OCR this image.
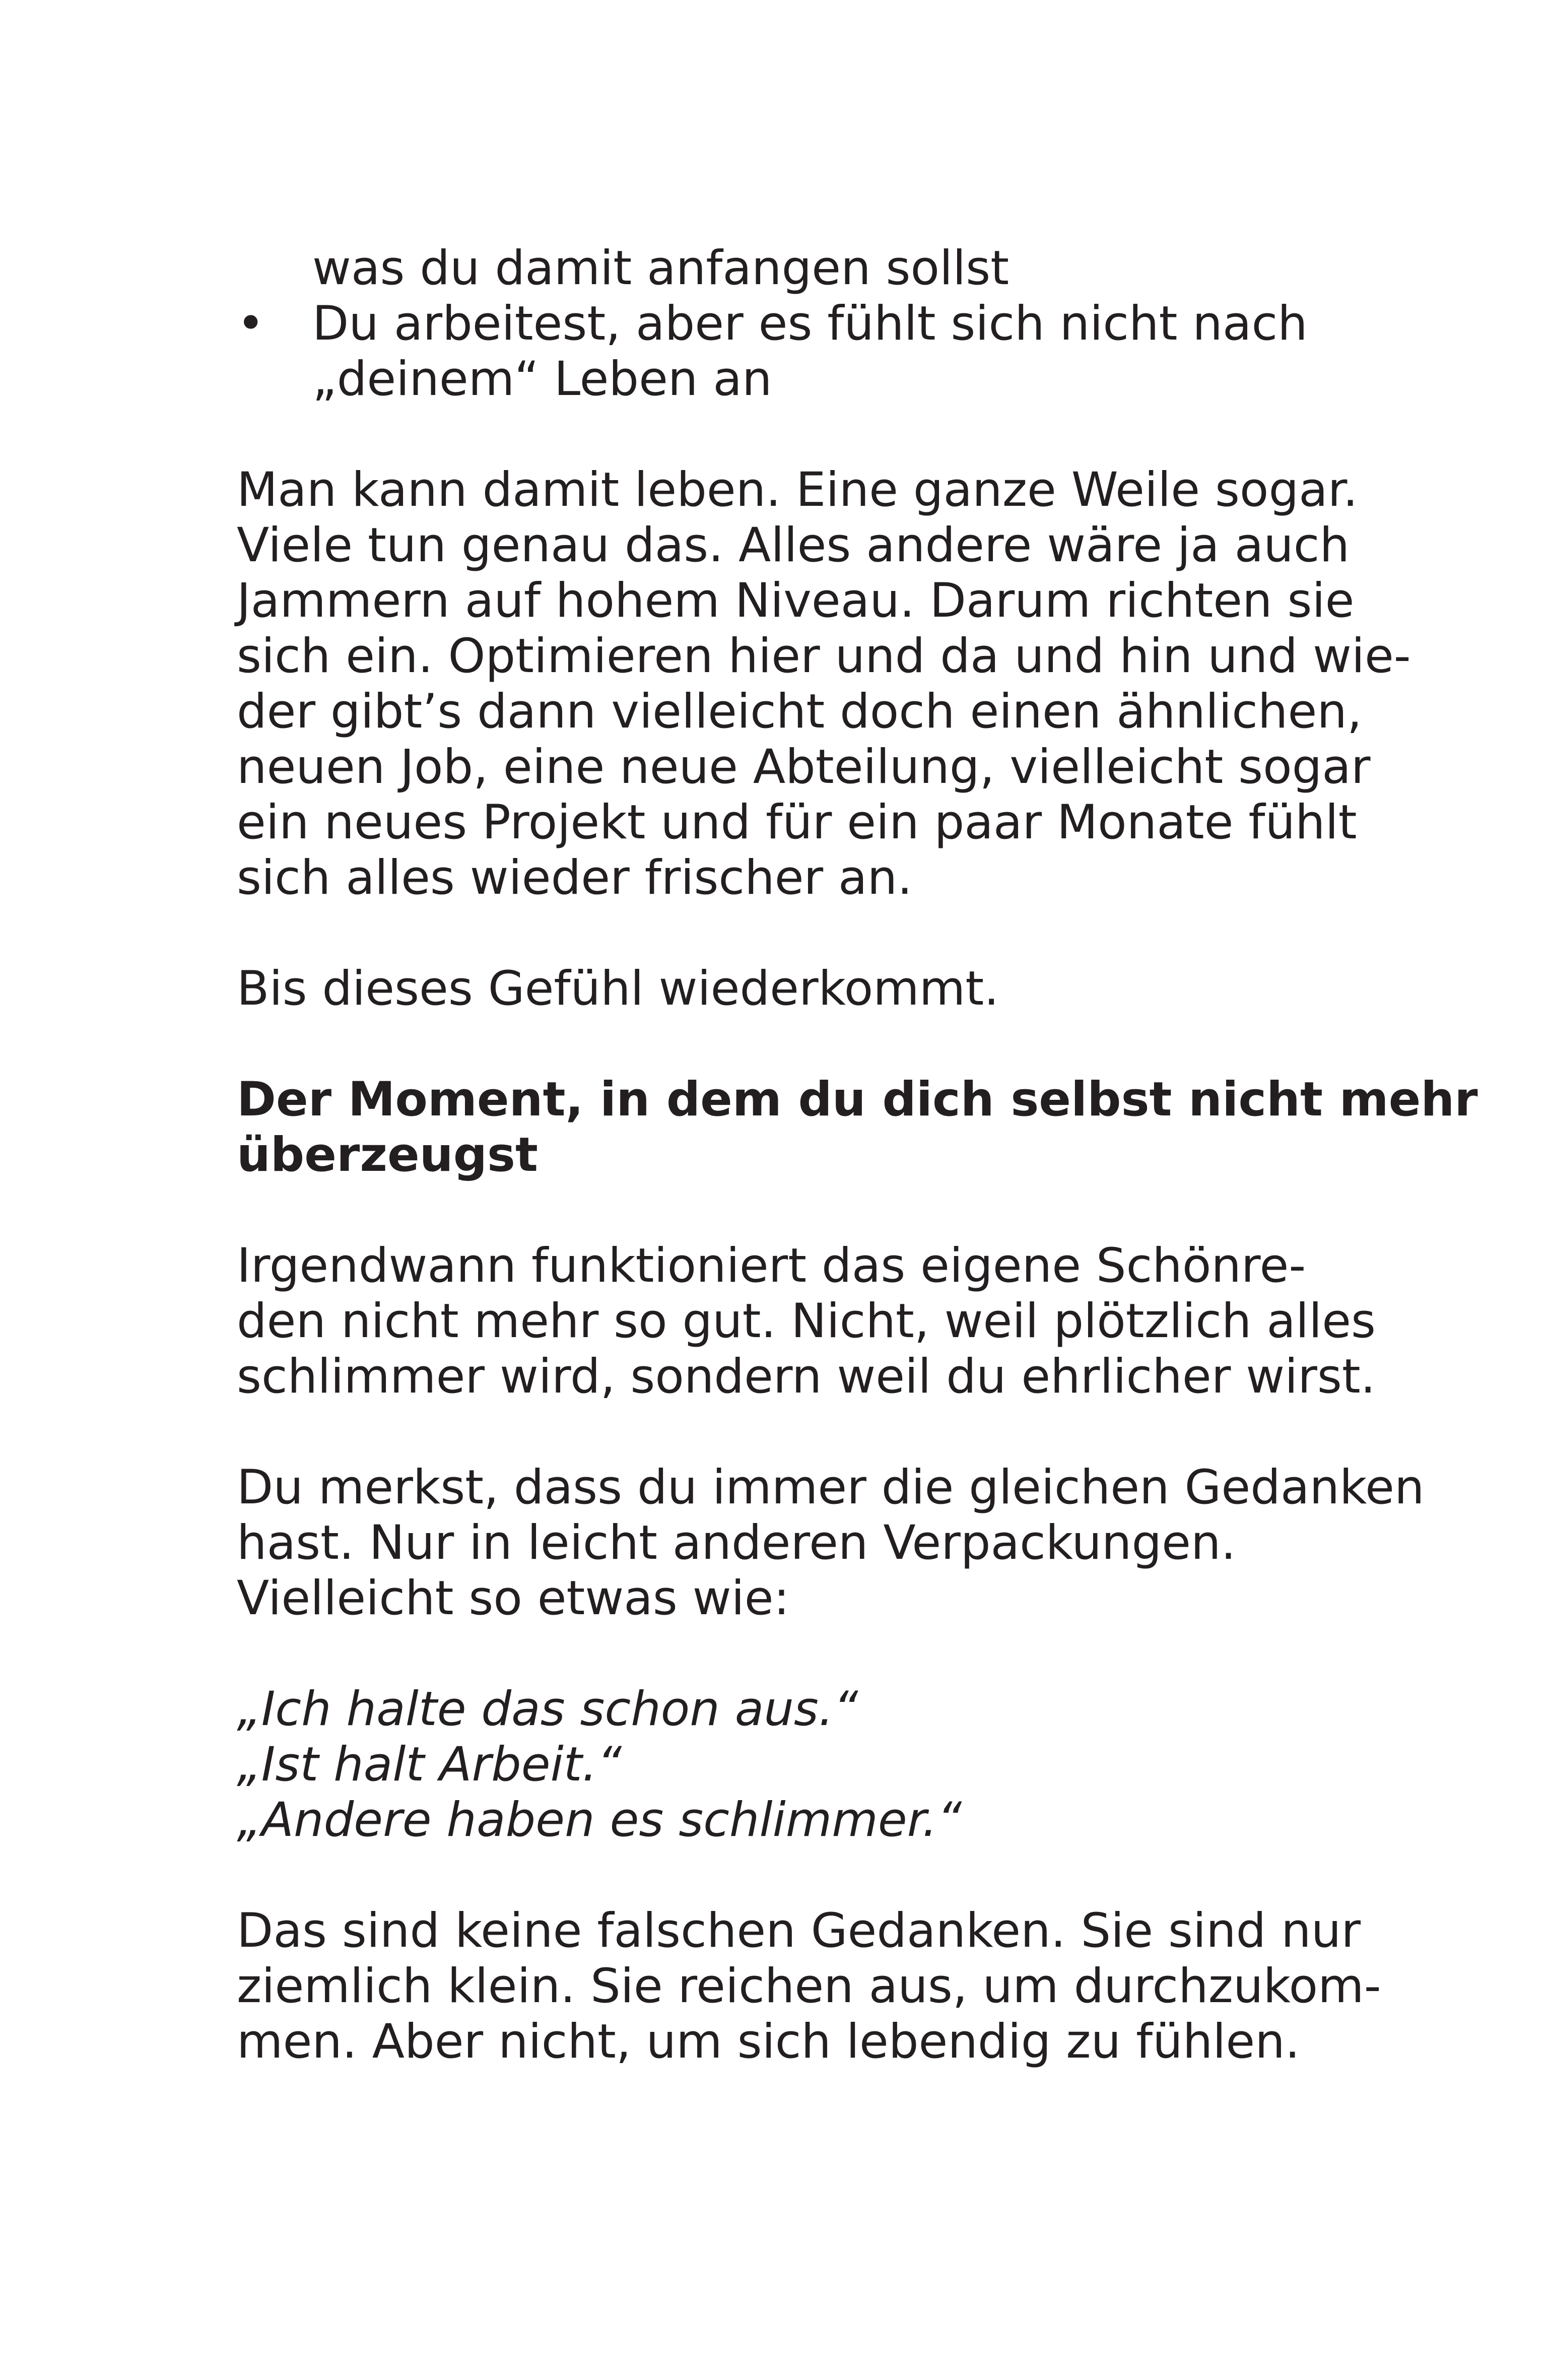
was du damit anfangen sollst
• Du arbeitest, aber es fühlt sich nicht nach
„deinem“ Leben an
Man kann damit leben. Eine ganze Weile sogar.
Viele tun genau das. Alles andere wäre ja auch
Jammern auf hohem Niveau. Darum richten sie
sich ein. Optimieren hier und da und hin und wie-
der gibt’s dann vielleicht doch einen ähnlichen,
neuen Job, eine neue Abteilung, vielleicht sogar
ein neues Projekt und für ein paar Monate fühlt
sich alles wieder frischer an.
Bis dieses Gefühl wiederkommt.
Der Moment, in dem du dich selbst nicht mehr
überzeugst
Irgendwann funktioniert das eigene Schönre-
den nicht mehr so gut. Nicht, weil plötzlich alles
schlimmer wird, sondern weil du ehrlicher wirst.
Du merkst, dass du immer die gleichen Gedanken
hast. Nur in leicht anderen Verpackungen.
Vielleicht so etwas wie:
„Ich halte das schon aus.“
„Ist halt Arbeit.“
„Andere haben es schlimmer.“
Das sind keine falschen Gedanken. Sie sind nur
ziemlich klein. Sie reichen aus, um durchzukom-
men. Aber nicht, um sich lebendig zu fühlen.
